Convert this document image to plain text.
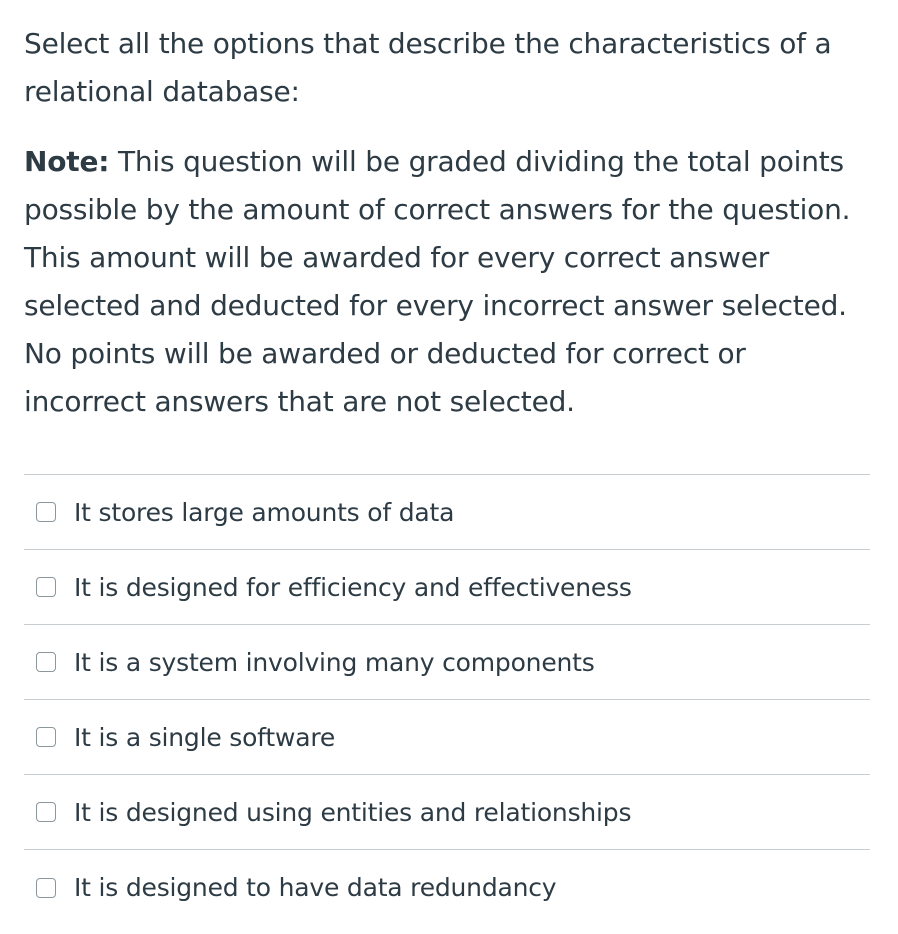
Select all the options that describe the characteristics of a relational database:

Note: This question will be graded dividing the total points possible by the amount of correct answers for the question. This amount will be awarded for every correct answer selected and deducted for every incorrect answer selected. No points will be awarded or deducted for correct or incorrect answers that are not selected.

It stores large amounts of data
It is designed for efficiency and effectiveness
It is a system involving many components
It is a single software
It is designed using entities and relationships
It is designed to have data redundancy
